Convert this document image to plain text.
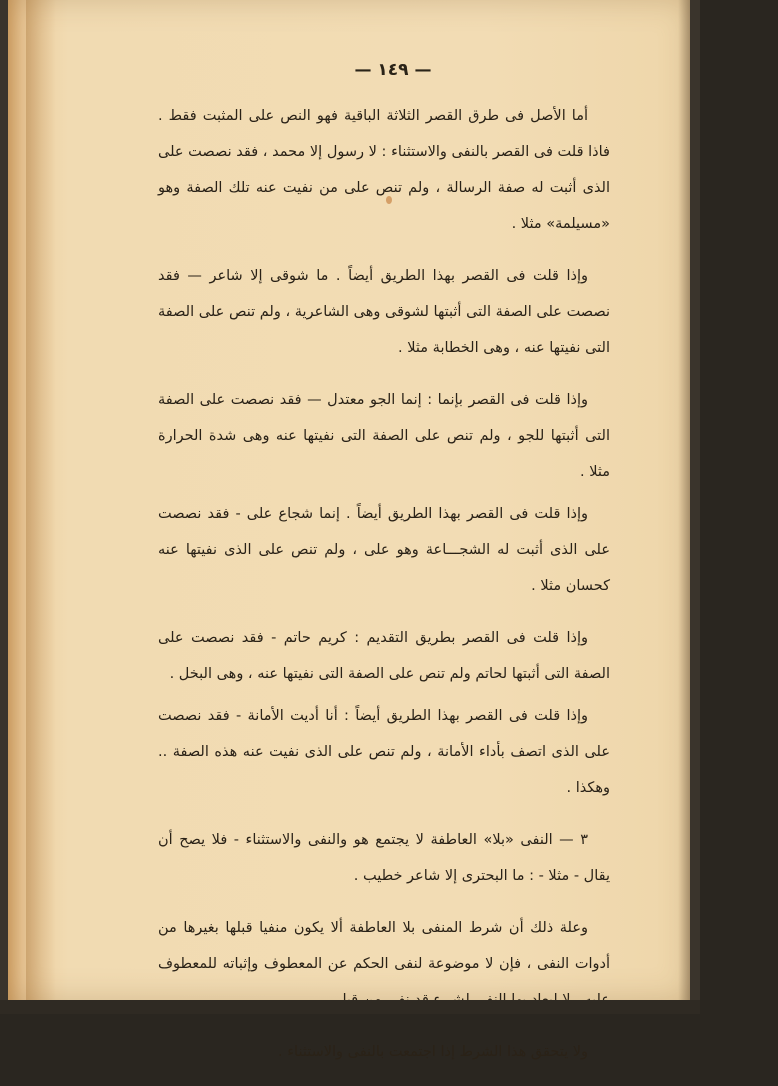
— ١٤٩ —

أما الأصل فى طرق القصر الثلاثة الباقية فهو النص على المثبت فقط . فاذا قلت فى القصر بالنفى والاستثناء : لا رسول إلا محمد ، فقد نصصت على الذى أثبت له صفة الرسالة ، ولم تنص على من نفيت عنه تلك الصفة وهو «مسيلمة» مثلا .

وإذا قلت فى القصر بهذا الطريق أيضاً . ما شوقى إلا شاعر — فقد نصصت على الصفة التى أثبتها لشوقى وهى الشاعرية ، ولم تنص على الصفة التى نفيتها عنه ، وهى الخطابة مثلا .

وإذا قلت فى القصر بإنما : إنما الجو معتدل — فقد نصصت على الصفة التى أثبتها للجو ، ولم تنص على الصفة التى نفيتها عنه وهى شدة الحرارة مثلا .

وإذا قلت فى القصر بهذا الطريق أيضاً . إنما شجاع على - فقد نصصت على الذى أثبت له الشجـــاعة وهو على ، ولم تنص على الذى نفيتها عنه كحسان مثلا .

وإذا قلت فى القصر بطريق التقديم : كريم حاتم - فقد نصصت على الصفة التى أثبتها لحاتم ولم تنص على الصفة التى نفيتها عنه ، وهى البخل .

وإذا قلت فى القصر بهذا الطريق أيضاً : أنا أديت الأمانة - فقد نصصت على الذى اتصف بأداء الأمانة ، ولم تنص على الذى نفيت عنه هذه الصفة .. وهكذا .

٣ — النفى «بلا» العاطفة لا يجتمع هو والنفى والاستثناء - فلا يصح أن يقال - مثلا - : ما البحترى إلا شاعر خطيب .

وعلة ذلك أن شرط المنفى بلا العاطفة ألا يكون منفيا قبلها بغيرها من أدوات النفى ، فإن لا موضوعة لنفى الحكم عن المعطوف وإثباته للمعطوف

ولا يتحقق هذا الشرط إذا اجتمعت بالنفى والاستثناء .
